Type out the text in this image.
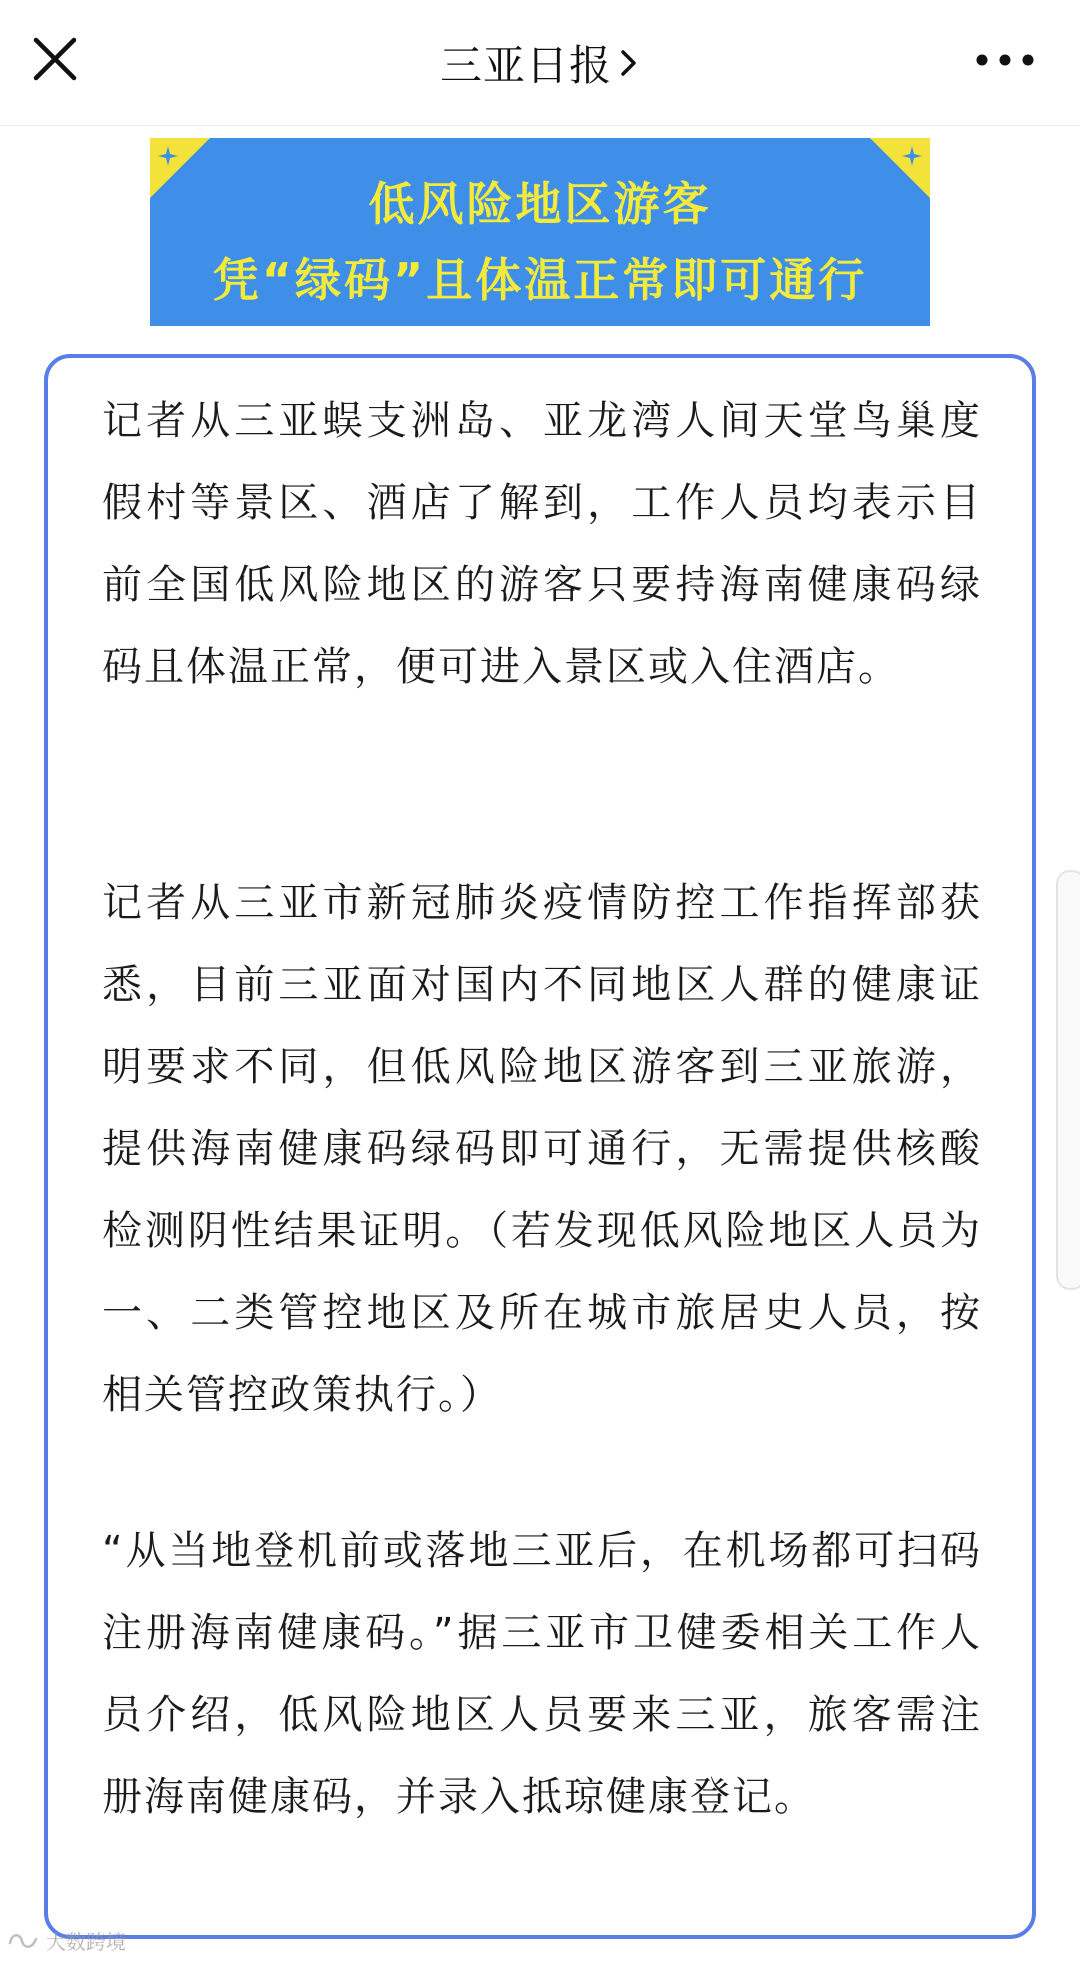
三亚日报
低风险地区游客
凭“绿码”且体温正常即可通行

记者从三亚蜈支洲岛、亚龙湾人间天堂鸟巢度假村等景区、酒店了解到，工作人员均表示目前全国低风险地区的游客只要持海南健康码绿码且体温正常，便可进入景区或入住酒店。

记者从三亚市新冠肺炎疫情防控工作指挥部获悉，目前三亚面对国内不同地区人群的健康证明要求不同，但低风险地区游客到三亚旅游，提供海南健康码绿码即可通行，无需提供核酸检测阴性结果证明。（若发现低风险地区人员为一、二类管控地区及所在城市旅居史人员，按相关管控政策执行。）

“从当地登机前或落地三亚后，在机场都可扫码注册海南健康码。”据三亚市卫健委相关工作人员介绍，低风险地区人员要来三亚，旅客需注册海南健康码，并录入抵琼健康登记。

大数跨境
